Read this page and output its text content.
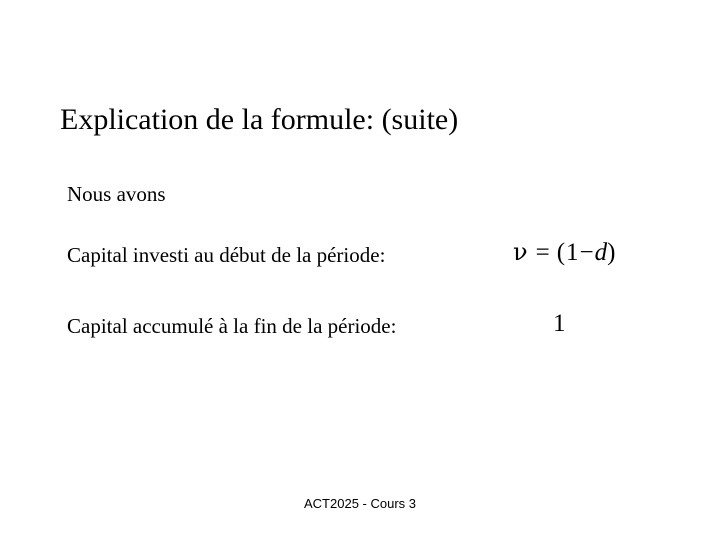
Explication de la formule: (suite)
Nous avons
Capital investi au début de la période:
Capital accumulé à la fin de la période:
ν = (1−d)
1
ACT2025 - Cours 3
